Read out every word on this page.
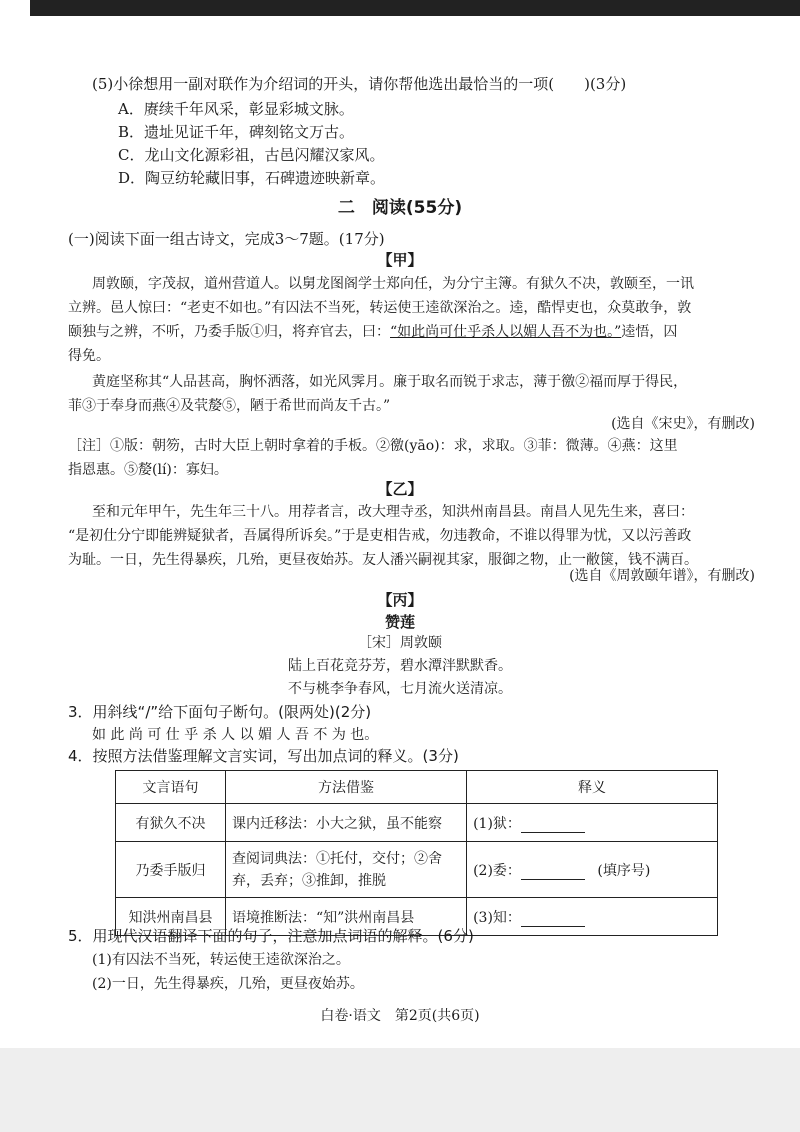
(5)小徐想用一副对联作为介绍词的开头，请你帮他选出最恰当的一项(　　)(3分)
A．赓续千年风采，彰显彩城文脉。
B．遗址见证千年，碑刻铭文万古。
C．龙山文化源彩祖，古邑闪耀汉家风。
D．陶豆纺轮藏旧事，石碑遗迹映新章。
二　阅读(55分)
(一)阅读下面一组古诗文，完成3～7题。(17分)
【甲】
周敦颐，字茂叔，道州营道人。以舅龙图阁学士郑向任，为分宁主簿。有狱久不决，敦颐至，一讯
立辨。邑人惊曰：“老吏不如也。”有囚法不当死，转运使王逵欲深治之。逵，酷悍吏也，众莫敢争，敦
颐独与之辨，不听，乃委手版①归，将弃官去，曰：“如此尚可仕乎杀人以媚人吾不为也。”逵悟，囚
得免。
黄庭坚称其“人品甚高，胸怀洒落，如光风霁月。廉于取名而锐于求志，薄于徼②福而厚于得民，
菲③于奉身而燕④及茕嫠⑤，陋于希世而尚友千古。”
(选自《宋史》，有删改)
［注］①版：朝笏，古时大臣上朝时拿着的手板。②徼(yāo)：求，求取。③菲：微薄。④燕：这里
指恩惠。⑤嫠(lí)：寡妇。
【乙】
至和元年甲午，先生年三十八。用荐者言，改大理寺丞，知洪州南昌县。南昌人见先生来，喜曰：
“是初仕分宁即能辨疑狱者，吾属得所诉矣。”于是吏相告戒，勿违教命，不谁以得罪为忧，又以污善政
为耻。一日，先生得暴疾，几殆，更昼夜始苏。友人潘兴嗣视其家，服御之物，止一敝箧，钱不满百。
(选自《周敦颐年谱》，有删改)
【丙】
赞莲
［宋］周敦颐
陆上百花竞芬芳，碧水潭泮默默香。
不与桃李争春风，七月流火送清凉。
3．用斜线“/”给下面句子断句。(限两处)(2分)
如 此 尚 可 仕 乎 杀 人 以 媚 人 吾 不 为 也。
4．按照方法借鉴理解文言实词，写出加点词的释义。(3分)
文言语句	方法借鉴	释义
有狱久不决	课内迁移法：小大之狱，虽不能察	(1)狱：
乃委手版归	查阅词典法：①托付，交付；②舍弃，丢弃；③推卸，推脱	(2)委： (填序号)
知洪州南昌县	语境推断法：“知”洪州南昌县	(3)知：
5．用现代汉语翻译下面的句子，注意加点词语的解释。(6分)
(1)有囚法不当死，转运使王逵欲深治之。
(2)一日，先生得暴疾，几殆，更昼夜始苏。
白卷·语文　第2页(共6页)
